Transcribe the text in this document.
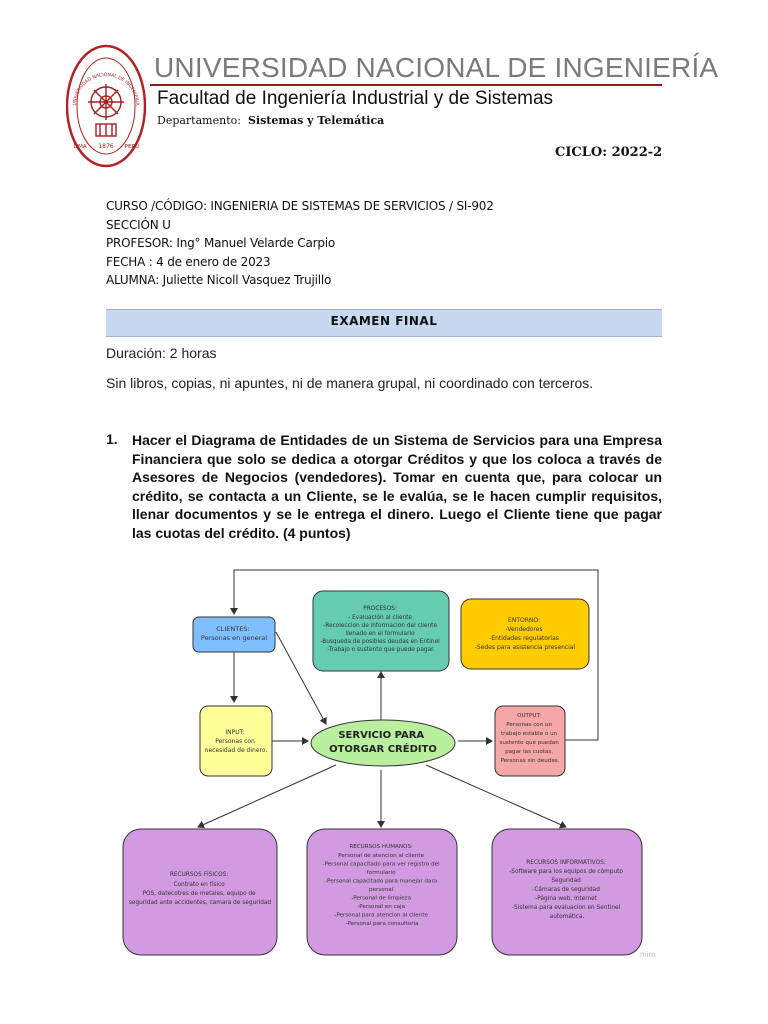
1876
LIMA	PERÚ
UNIVERSIDAD NACIONAL DE INGENIERIA
UNIVERSIDAD NACIONAL DE INGENIERÍA
Facultad de Ingeniería Industrial y de Sistemas
Departamento: Sistemas y Telemática
CICLO: 2022-2
CURSO /CÓDIGO: INGENIERIA DE SISTEMAS DE SERVICIOS / SI-902
SECCIÓN U
PROFESOR: Ing° Manuel Velarde Carpio
FECHA : 4 de enero de 2023
ALUMNA: Juliette Nicoll Vasquez Trujillo
EXAMEN FINAL
Duración: 2 horas
Sin libros, copias, ni apuntes, ni de manera grupal, ni coordinado con terceros.
1. Hacer el Diagrama de Entidades de un Sistema de Servicios para una Empresa Financiera que solo se dedica a otorgar Créditos y que los coloca a través de Asesores de Negocios (vendedores). Tomar en cuenta que, para colocar un crédito, se contacta a un Cliente, se le evalúa, se le hacen cumplir requisitos, llenar documentos y se le entrega el dinero. Luego el Cliente tiene que pagar las cuotas del crédito. (4 puntos)
CLIENTES: Personas en general
PROCESOS: - Evaluación al cliente -Recoleccion de informacion del cliente llenado en el formulario -Busqueda de posibles deudas en Entinel -Trabajo o sustento que puede pagar.
ENTORNO: -Vendedores -Entidades regulatorias -Sedes para asistencia presencial
INPUT: Personas con necesidad de dinero.
SERVICIO PARA OTORGAR CRÉDITO
OUTPUT: Personas con un trabajo estable o un sustento que puedan pagar las cuotas. Personas sin deudas.
RECURSOS FÍSICOS: Contrato en físico POS, datecotres de metales, equipo de seguridad ante accidentes, camara de seguridad
RECURSOS HUMANOS: Personal de atencion al cliente -Personal capacitado para ver registro del formulario -Personal capacitado para manejar dara personal -Personal de limpieza -Personal en caja -Personal para atencion al cliente -Personal para consultoria
RECURSOS INFORMATIVOS: -Software para los equipos de cómputo Seguridad -Cámaras de seguridad -Página web, internet -Sistema para evaluacion en Sentinel automática.
miro
